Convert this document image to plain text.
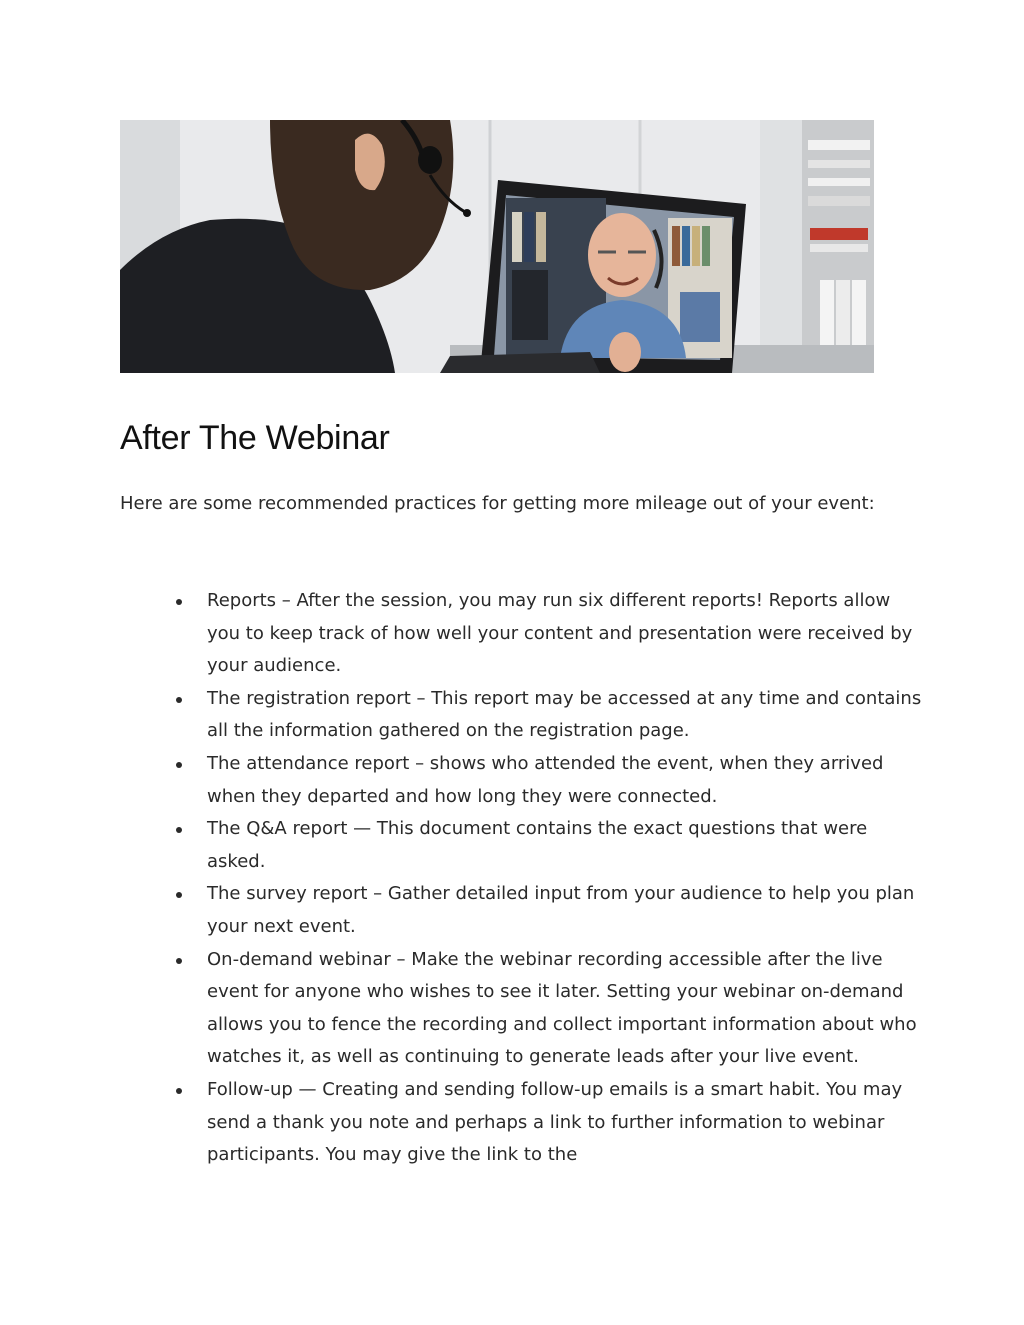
After The Webinar

Here are some recommended practices for getting more mileage out of your event:

Reports – After the session, you may run six different reports! Reports allow you to keep track of how well your content and presentation were received by your audience.
The registration report – This report may be accessed at any time and contains all the information gathered on the registration page.
The attendance report – shows who attended the event, when they arrived when they departed and how long they were connected.
The Q&A report — This document contains the exact questions that were asked.
The survey report – Gather detailed input from your audience to help you plan your next event.
On-demand webinar – Make the webinar recording accessible after the live event for anyone who wishes to see it later. Setting your webinar on-demand allows you to fence the recording and collect important information about who watches it, as well as continuing to generate leads after your live event.
Follow-up — Creating and sending follow-up emails is a smart habit. You may send a thank you note and perhaps a link to further information to webinar participants. You may give the link to the
